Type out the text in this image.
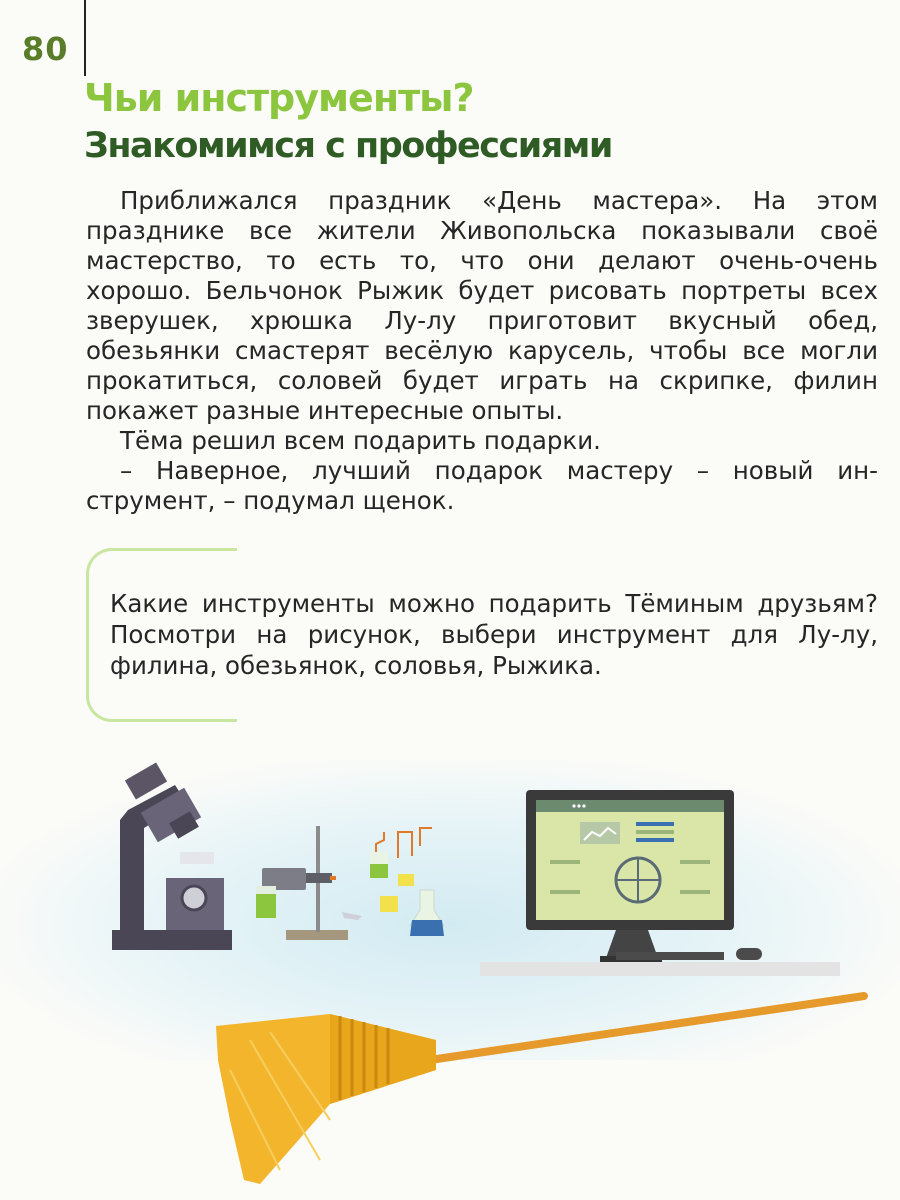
80
Чьи инструменты?
Знакомимся с профессиями

Приближался праздник «День мастера». На этом празднике все жители Живопольска показывали своё мастерство, то есть то, что они делают очень-очень хорошо. Бельчонок Рыжик будет рисовать портреты всех зверушек, хрюшка Лу-лу приготовит вкусный обед, обезьянки смастерят весёлую карусель, чтобы все могли прокатиться, соловей будет играть на скрипке, филин покажет разные интересные опыты.

Тёма решил всем подарить подарки.

– Наверное, лучший подарок мастеру – новый инструмент, – подумал щенок.

Какие инструменты можно подарить Тёминым друзьям? Посмотри на рисунок, выбери инструмент для Лу-лу, филина, обезьянок, соловья, Рыжика.
